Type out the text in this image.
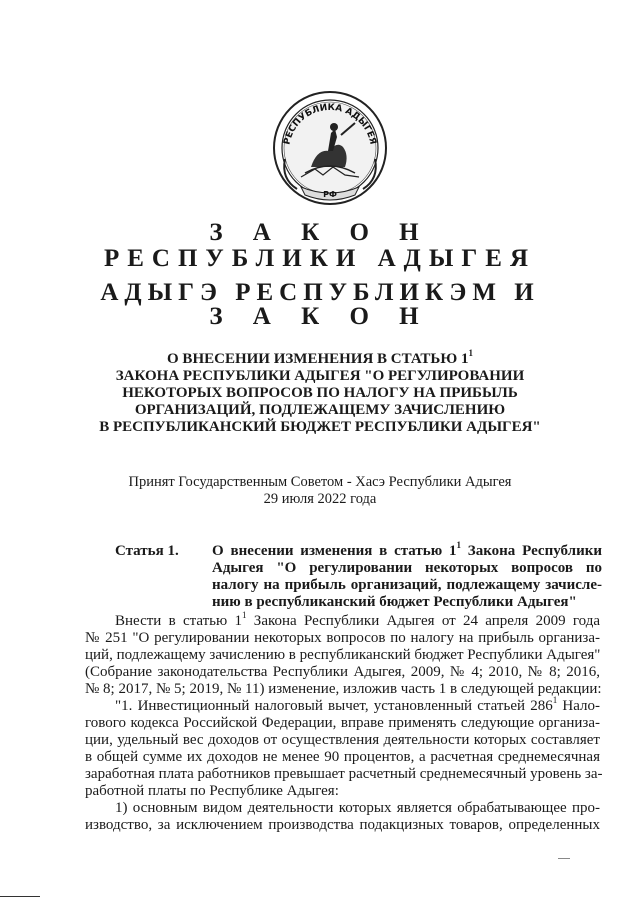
РЕСПУБЛИКА АДЫГЕЯ
РФ
З А К О Н
РЕСПУБЛИКИ АДЫГЕЯ
АДЫГЭ РЕСПУБЛИКЭМ И
З А К О Н
О ВНЕСЕНИИ ИЗМЕНЕНИЯ В СТАТЬЮ $1^1$
ЗАКОНА РЕСПУБЛИКИ АДЫГЕЯ "О РЕГУЛИРОВАНИИ
НЕКОТОРЫХ ВОПРОСОВ ПО НАЛОГУ НА ПРИБЫЛЬ
ОРГАНИЗАЦИЙ, ПОДЛЕЖАЩЕМУ ЗАЧИСЛЕНИЮ
В РЕСПУБЛИКАНСКИЙ БЮДЖЕТ РЕСПУБЛИКИ АДЫГЕЯ"
Принят Государственным Советом - Хасэ Республики Адыгея
29 июля 2022 года
Статья 1. О внесении изменения в статью $1^1$ Закона Республики
Адыгея "О регулировании некоторых вопросов по
налогу на прибыль организаций, подлежащему зачисле-
нию в республиканский бюджет Республики Адыгея"
Внести в статью $1^1$ Закона Республики Адыгея от 24 апреля 2009 года
№ 251 "О регулировании некоторых вопросов по налогу на прибыль организа-
ций, подлежащему зачислению в республиканский бюджет Республики Адыгея"
(Собрание законодательства Республики Адыгея, 2009, № 4; 2010, № 8; 2016,
№ 8; 2017, № 5; 2019, № 11) изменение, изложив часть 1 в следующей редакции:
"1. Инвестиционный налоговый вычет, установленный статьей $286^1$ Нало-
гового кодекса Российской Федерации, вправе применять следующие организа-
ции, удельный вес доходов от осуществления деятельности которых составляет
в общей сумме их доходов не менее 90 процентов, а расчетная среднемесячная
заработная плата работников превышает расчетный среднемесячный уровень за-
работной платы по Республике Адыгея:
1) основным видом деятельности которых является обрабатывающее про-
изводство, за исключением производства подакцизных товаров, определенных
